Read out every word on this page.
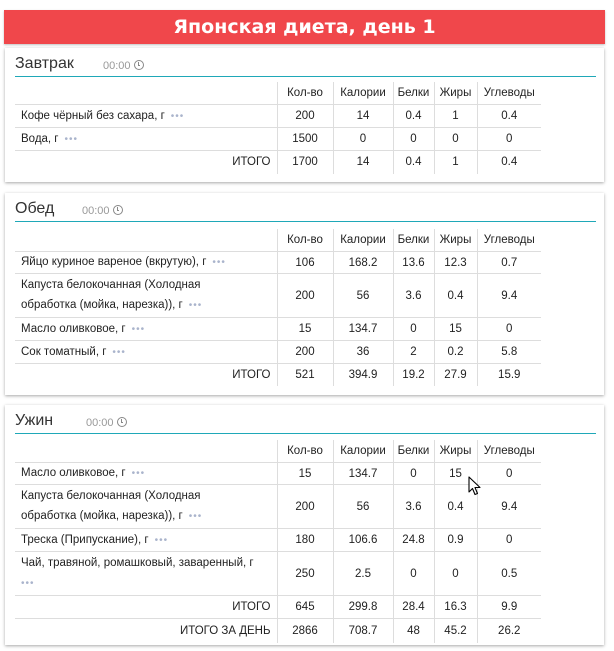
Японская диета, день 1
Завтрак	00:00
	Кол-во	Калории	Белки	Жиры	Углеводы
Кофе чёрный без сахара, г •••	200	14	0.4	1	0.4
Вода, г •••	1500	0	0	0	0
ИТОГО	1700	14	0.4	1	0.4
Обед	00:00
	Кол-во	Калории	Белки	Жиры	Углеводы
Яйцо куриное вареное (вкрутую), г •••	106	168.2	13.6	12.3	0.7
Капуста белокочанная (Холодная
обработка (мойка, нарезка)), г •••	200	56	3.6	0.4	9.4
Масло оливковое, г •••	15	134.7	0	15	0
Сок томатный, г •••	200	36	2	0.2	5.8
ИТОГО	521	394.9	19.2	27.9	15.9
Ужин	00:00
	Кол-во	Калории	Белки	Жиры	Углеводы
Масло оливковое, г •••	15	134.7	0	15	0
Капуста белокочанная (Холодная
обработка (мойка, нарезка)), г •••	200	56	3.6	0.4	9.4
Треска (Припускание), г •••	180	106.6	24.8	0.9	0
Чай, травяной, ромашковый, заваренный, г
•••	250	2.5	0	0	0.5
ИТОГО	645	299.8	28.4	16.3	9.9
ИТОГО ЗА ДЕНЬ	2866	708.7	48	45.2	26.2
